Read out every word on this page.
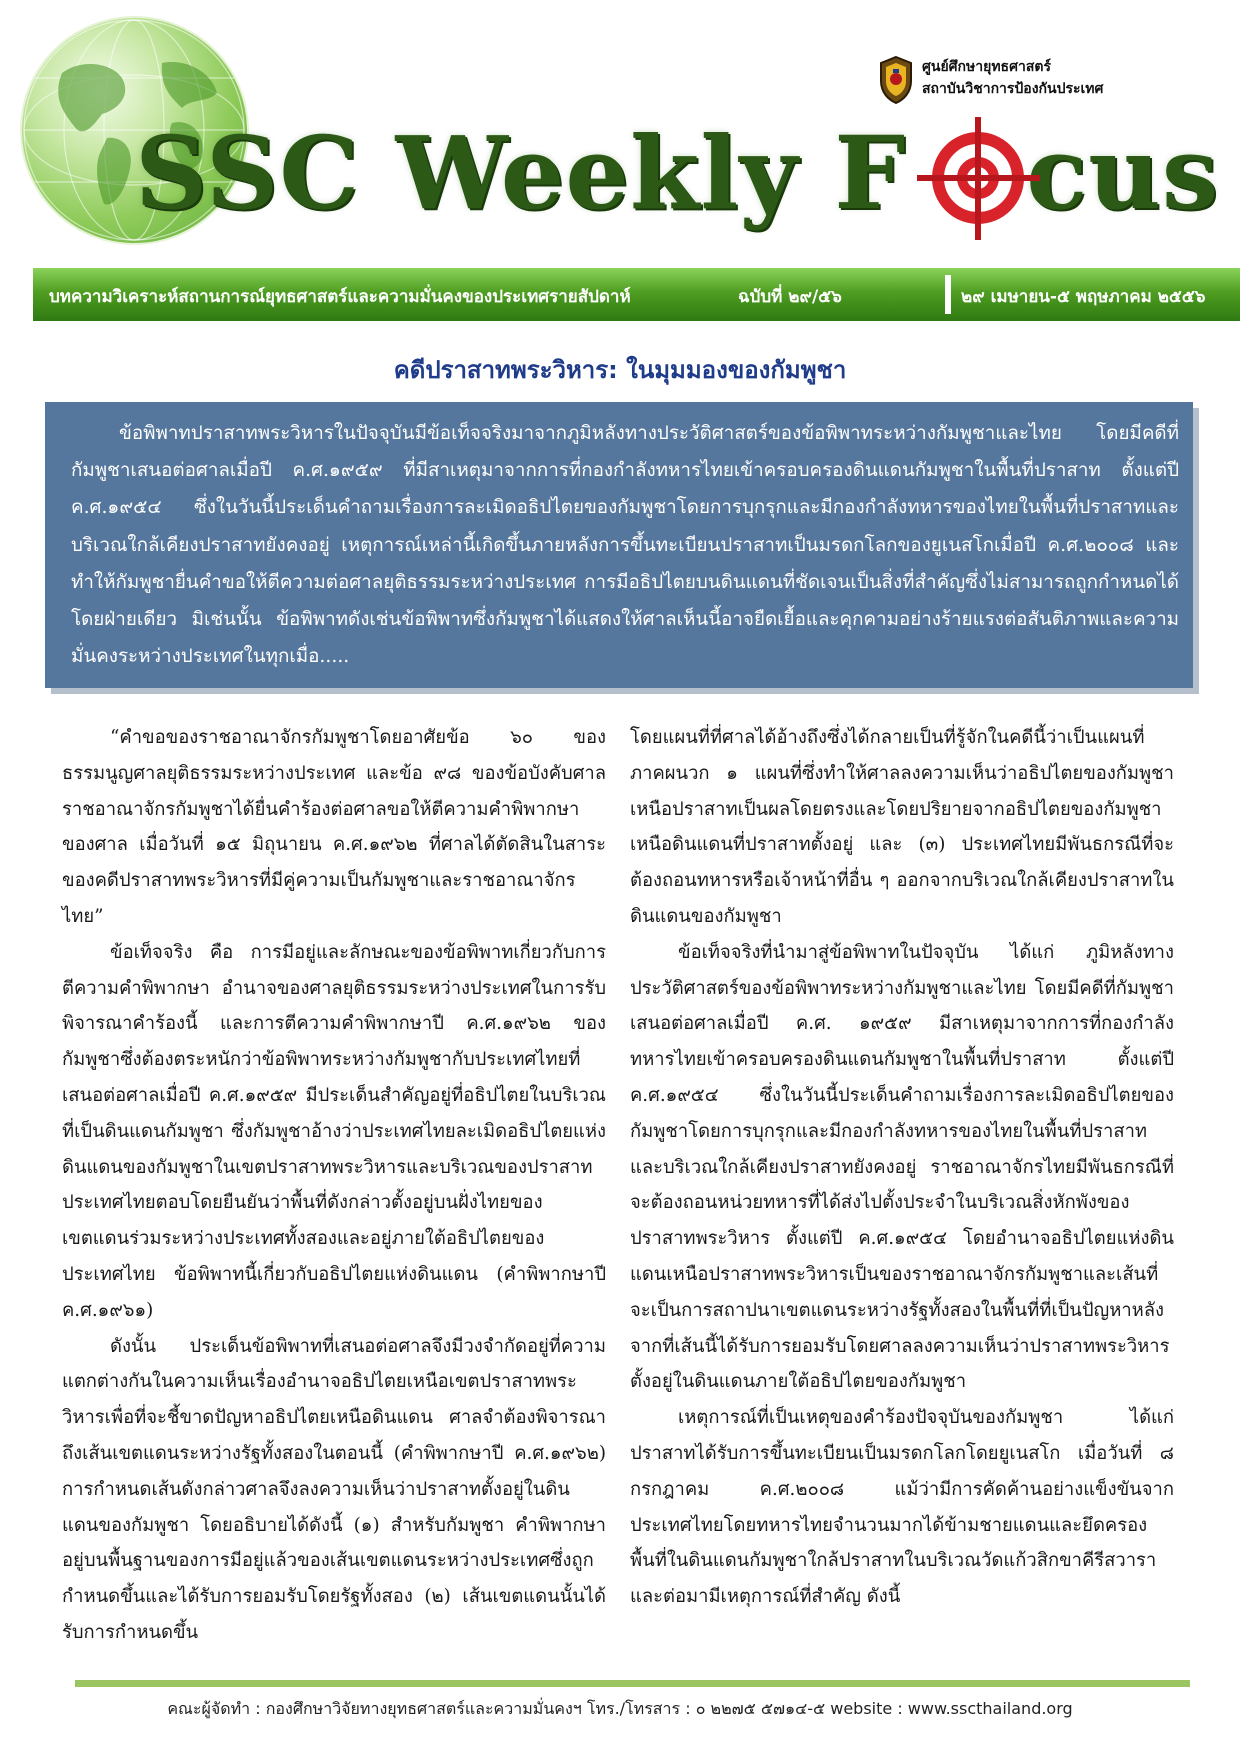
ศูนย์ศึกษายุทธศาสตร์
สถาบันวิชาการป้องกันประเทศ
SSC Weekly F cus
บทความวิเคราะห์สถานการณ์ยุทธศาสตร์และความมั่นคงของประเทศรายสัปดาห์	ฉบับที่ ๒๙/๕๖	๒๙ เมษายน-๕ พฤษภาคม ๒๕๕๖
คดีปราสาทพระวิหาร: ในมุมมองของกัมพูชา

ข้อพิพาทปราสาทพระวิหารในปัจจุบันมีข้อเท็จจริงมาจากภูมิหลังทางประวัติศาสตร์ของข้อพิพาทระหว่างกัมพูชาและไทย โดยมีคดีที่กัมพูชาเสนอต่อศาลเมื่อปี ค.ศ.๑๙๕๙ ที่มีสาเหตุมาจากการที่กองกำลังทหารไทยเข้าครอบครองดินแดนกัมพูชาในพื้นที่ปราสาท ตั้งแต่ปี ค.ศ.๑๙๕๔ ซึ่งในวันนี้ประเด็นคำถามเรื่องการละเมิดอธิปไตยของกัมพูชาโดยการบุกรุกและมีกองกำลังทหารของไทยในพื้นที่ปราสาทและบริเวณใกล้เคียงปราสาทยังคงอยู่ เหตุการณ์เหล่านี้เกิดขึ้นภายหลังการขึ้นทะเบียนปราสาทเป็นมรดกโลกของยูเนสโกเมื่อปี ค.ศ.๒๐๐๘ และทำให้กัมพูชายื่นคำขอให้ตีความต่อศาลยุติธรรมระหว่างประเทศ การมีอธิปไตยบนดินแดนที่ชัดเจนเป็นสิ่งที่สำคัญซึ่งไม่สามารถถูกกำหนดได้โดยฝ่ายเดียว มิเช่นนั้น ข้อพิพาทดังเช่นข้อพิพาทซึ่งกัมพูชาได้แสดงให้ศาลเห็นนี้อาจยืดเยื้อและคุกคามอย่างร้ายแรงต่อสันติภาพและความมั่นคงระหว่างประเทศในทุกเมื่อ.....

“คำขอของราชอาณาจักรกัมพูชาโดยอาศัยข้อ ๖๐ ของธรรมนูญศาลยุติธรรมระหว่างประเทศ และข้อ ๙๘ ของข้อบังคับศาล ราชอาณาจักรกัมพูชาได้ยื่นคำร้องต่อศาลขอให้ตีความคำพิพากษาของศาล เมื่อวันที่ ๑๕ มิถุนายน ค.ศ.๑๙๖๒ ที่ศาลได้ตัดสินในสาระของคดีปราสาทพระวิหารที่มีคู่ความเป็นกัมพูชาและราชอาณาจักรไทย”

ข้อเท็จจริง คือ การมีอยู่และลักษณะของข้อพิพาทเกี่ยวกับการตีความคำพิพากษา อำนาจของศาลยุติธรรมระหว่างประเทศในการรับพิจารณาคำร้องนี้ และการตีความคำพิพากษาปี ค.ศ.๑๙๖๒ ของกัมพูชาซึ่งต้องตระหนักว่าข้อพิพาทระหว่างกัมพูชากับประเทศไทยที่เสนอต่อศาลเมื่อปี ค.ศ.๑๙๕๙ มีประเด็นสำคัญอยู่ที่อธิปไตยในบริเวณที่เป็นดินแดนกัมพูชา ซึ่งกัมพูชาอ้างว่าประเทศไทยละเมิดอธิปไตยแห่งดินแดนของกัมพูชาในเขตปราสาทพระวิหารและบริเวณของปราสาท ประเทศไทยตอบโดยยืนยันว่าพื้นที่ดังกล่าวตั้งอยู่บนฝั่งไทยของเขตแดนร่วมระหว่างประเทศทั้งสองและอยู่ภายใต้อธิปไตยของประเทศไทย ข้อพิพาทนี้เกี่ยวกับอธิปไตยแห่งดินแดน (คำพิพากษาปี ค.ศ.๑๙๖๑)

ดังนั้น ประเด็นข้อพิพาทที่เสนอต่อศาลจึงมีวงจำกัดอยู่ที่ความแตกต่างกันในความเห็นเรื่องอำนาจอธิปไตยเหนือเขตปราสาทพระวิหารเพื่อที่จะชี้ขาดปัญหาอธิปไตยเหนือดินแดน ศาลจำต้องพิจารณาถึงเส้นเขตแดนระหว่างรัฐทั้งสองในตอนนี้ (คำพิพากษาปี ค.ศ.๑๙๖๒) การกำหนดเส้นดังกล่าวศาลจึงลงความเห็นว่าปราสาทตั้งอยู่ในดินแดนของกัมพูชา โดยอธิบายได้ดังนี้ (๑) สำหรับกัมพูชา คำพิพากษาอยู่บนพื้นฐานของการมีอยู่แล้วของเส้นเขตแดนระหว่างประเทศซึ่งถูกกำหนดขึ้นและได้รับการยอมรับโดยรัฐทั้งสอง (๒) เส้นเขตแดนนั้นได้รับการกำหนดขึ้น

โดยแผนที่ที่ศาลได้อ้างถึงซึ่งได้กลายเป็นที่รู้จักในคดีนี้ว่าเป็นแผนที่ภาคผนวก ๑ แผนที่ซึ่งทำให้ศาลลงความเห็นว่าอธิปไตยของกัมพูชาเหนือปราสาทเป็นผลโดยตรงและโดยปริยายจากอธิปไตยของกัมพูชาเหนือดินแดนที่ปราสาทตั้งอยู่ และ (๓) ประเทศไทยมีพันธกรณีที่จะต้องถอนทหารหรือเจ้าหน้าที่อื่น ๆ ออกจากบริเวณใกล้เคียงปราสาทในดินแดนของกัมพูชา

ข้อเท็จจริงที่นำมาสู่ข้อพิพาทในปัจจุบัน ได้แก่ ภูมิหลังทางประวัติศาสตร์ของข้อพิพาทระหว่างกัมพูชาและไทย โดยมีคดีที่กัมพูชาเสนอต่อศาลเมื่อปี ค.ศ. ๑๙๕๙ มีสาเหตุมาจากการที่กองกำลังทหารไทยเข้าครอบครองดินแดนกัมพูชาในพื้นที่ปราสาท ตั้งแต่ปี ค.ศ.๑๙๕๔ ซึ่งในวันนี้ประเด็นคำถามเรื่องการละเมิดอธิปไตยของกัมพูชาโดยการบุกรุกและมีกองกำลังทหารของไทยในพื้นที่ปราสาทและบริเวณใกล้เคียงปราสาทยังคงอยู่ ราชอาณาจักรไทยมีพันธกรณีที่จะต้องถอนหน่วยทหารที่ได้ส่งไปตั้งประจำในบริเวณสิ่งหักพังของปราสาทพระวิหาร ตั้งแต่ปี ค.ศ.๑๙๕๔ โดยอำนาจอธิปไตยแห่งดินแดนเหนือปราสาทพระวิหารเป็นของราชอาณาจักรกัมพูชาและเส้นที่จะเป็นการสถาปนาเขตแดนระหว่างรัฐทั้งสองในพื้นที่ที่เป็นปัญหาหลังจากที่เส้นนี้ได้รับการยอมรับโดยศาลลงความเห็นว่าปราสาทพระวิหารตั้งอยู่ในดินแดนภายใต้อธิปไตยของกัมพูชา

เหตุการณ์ที่เป็นเหตุของคำร้องปัจจุบันของกัมพูชา ได้แก่ ปราสาทได้รับการขึ้นทะเบียนเป็นมรดกโลกโดยยูเนสโก เมื่อวันที่ ๘ กรกฎาคม ค.ศ.๒๐๐๘ แม้ว่ามีการคัดค้านอย่างแข็งขันจากประเทศไทยโดยทหารไทยจำนวนมากได้ข้ามชายแดนและยึดครองพื้นที่ในดินแดนกัมพูชาใกล้ปราสาทในบริเวณวัดแก้วสิกขาคีรีสวาราและต่อมามีเหตุการณ์ที่สำคัญ ดังนี้

คณะผู้จัดทำ : กองศึกษาวิจัยทางยุทธศาสตร์และความมั่นคงฯ โทร./โทรสาร : ๐ ๒๒๗๕ ๕๗๑๔-๕ website : www.sscthailand.org
